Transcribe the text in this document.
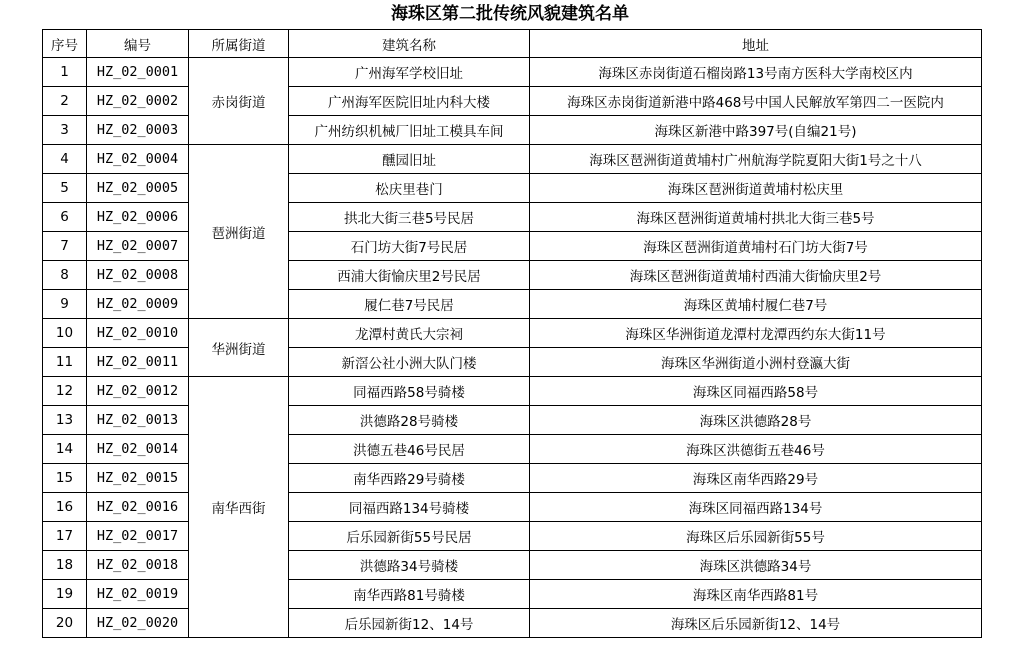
海珠区第二批传统风貌建筑名单
序号	编号	所属街道	建筑名称	地址
1	HZ_02_0001	赤岗街道	广州海军学校旧址	海珠区赤岗街道石榴岗路13号南方医科大学南校区内
2	HZ_02_0002		广州海军医院旧址内科大楼	海珠区赤岗街道新港中路468号中国人民解放军第四二一医院内
3	HZ_02_0003		广州纺织机械厂旧址工模具车间	海珠区新港中路397号(自编21号)
4	HZ_02_0004	琶洲街道	醺园旧址	海珠区琶洲街道黄埔村广州航海学院夏阳大街1号之十八
5	HZ_02_0005		松庆里巷门	海珠区琶洲街道黄埔村松庆里
6	HZ_02_0006		拱北大街三巷5号民居	海珠区琶洲街道黄埔村拱北大街三巷5号
7	HZ_02_0007		石门坊大街7号民居	海珠区琶洲街道黄埔村石门坊大街7号
8	HZ_02_0008		西浦大街愉庆里2号民居	海珠区琶洲街道黄埔村西浦大街愉庆里2号
9	HZ_02_0009		履仁巷7号民居	海珠区黄埔村履仁巷7号
10	HZ_02_0010	华洲街道	龙潭村黄氏大宗祠	海珠区华洲街道龙潭村龙潭西约东大街11号
11	HZ_02_0011		新滘公社小洲大队门楼	海珠区华洲街道小洲村登瀛大街
12	HZ_02_0012	南华西街	同福西路58号骑楼	海珠区同福西路58号
13	HZ_02_0013		洪德路28号骑楼	海珠区洪德路28号
14	HZ_02_0014		洪德五巷46号民居	海珠区洪德街五巷46号
15	HZ_02_0015		南华西路29号骑楼	海珠区南华西路29号
16	HZ_02_0016		同福西路134号骑楼	海珠区同福西路134号
17	HZ_02_0017		后乐园新街55号民居	海珠区后乐园新街55号
18	HZ_02_0018		洪德路34号骑楼	海珠区洪德路34号
19	HZ_02_0019		南华西路81号骑楼	海珠区南华西路81号
20	HZ_02_0020		后乐园新街12、14号	海珠区后乐园新街12、14号
